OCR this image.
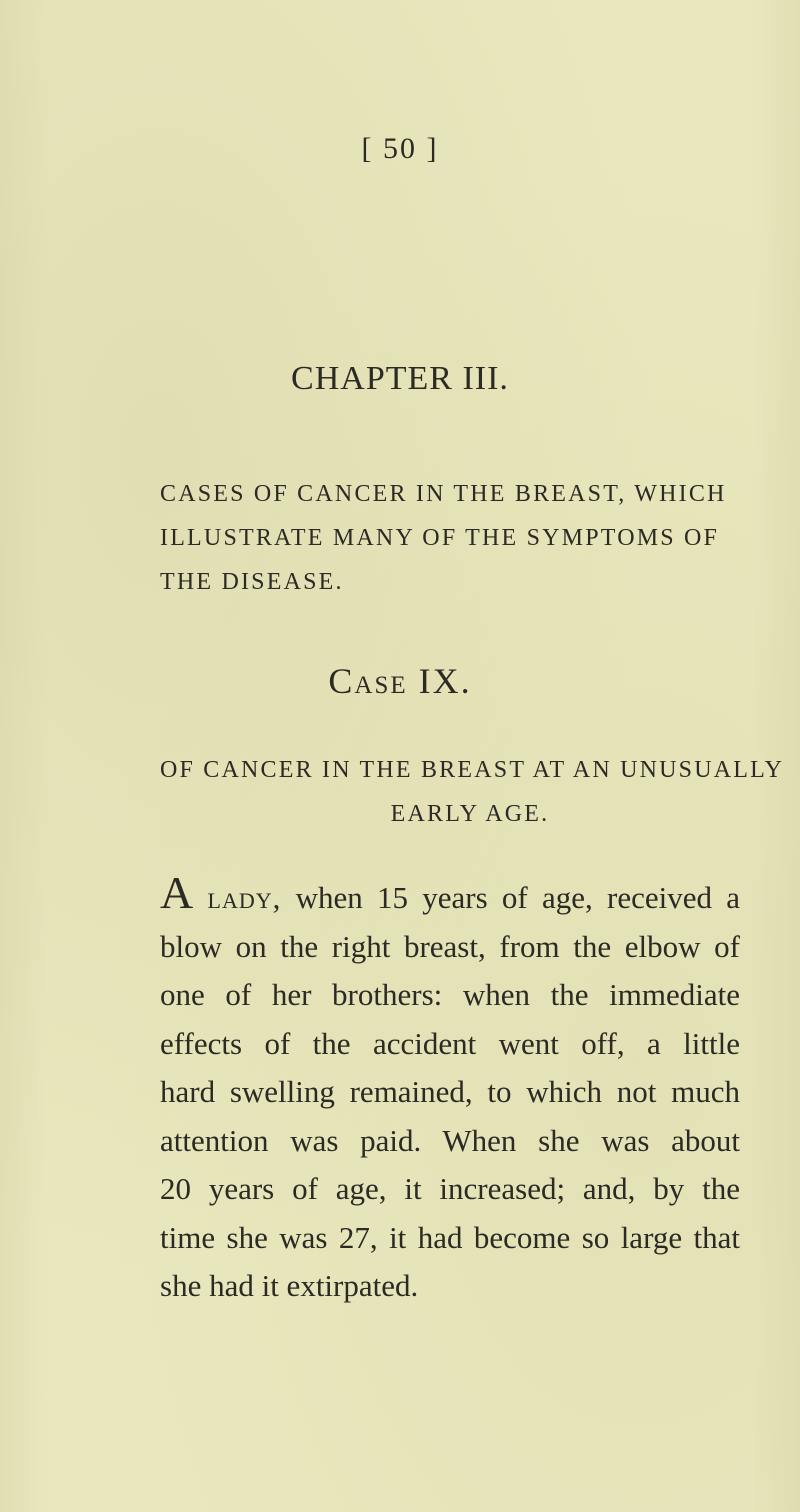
[ 50 ]
CHAPTER III.
CASES OF CANCER IN THE BREAST, WHICH
ILLUSTRATE MANY OF THE SYMPTOMS OF
THE DISEASE.
Case IX.
OF CANCER IN THE BREAST AT AN UNUSUALLY
EARLY AGE.
A lady, when 15 years of age, received a
blow on the right breast, from the elbow of
one of her brothers: when the immediate
effects of the accident went off, a little
hard swelling remained, to which not much
attention was paid. When she was about
20 years of age, it increased; and, by the
time she was 27, it had become so large that
she had it extirpated.
